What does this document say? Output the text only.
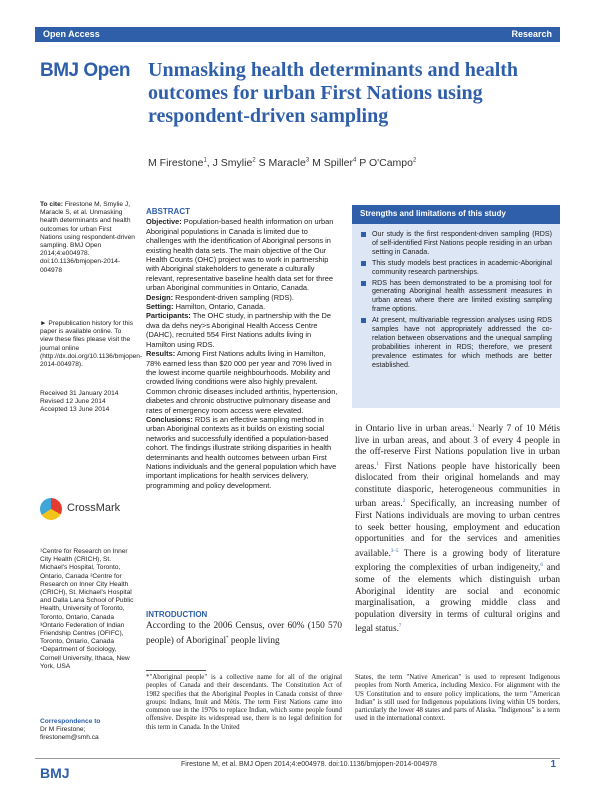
Open Access	Research
BMJ Open Unmasking health determinants and health outcomes for urban First Nations using respondent-driven sampling
M Firestone$^1$, J Smylie$^2$ S Maracle$^3$ M Spiller$^4$ P O'Campo$^2$

To cite: Firestone M, Smylie J, Maracle S, et al. Unmasking health determinants and health outcomes for urban First Nations using respondent-driven sampling. BMJ Open 2014;4:e004978. doi:10.1136/bmjopen-2014-004978

► Prepublication history for this paper is available online. To view these files please visit the journal online (http://dx.doi.org/10.1136/bmjopen-2014-004978).

Received 31 January 2014

Revised 12 June 2014

Accepted 13 June 2014

CrossMark

¹Centre for Research on Inner City Health (CRICH), St. Michael's Hospital, Toronto, Ontario, Canada ²Centre for Research on Inner City Health (CRICH), St. Michael's Hospital and Dalla Lana School of Public Health, University of Toronto, Toronto, Ontario, Canada ³Ontario Federation of Indian Friendship Centres (OFIFC), Toronto, Ontario, Canada ⁴Department of Sociology, Cornell University, Ithaca, New York, USA

Correspondence to

Dr M Firestone; firestonem@smh.ca

ABSTRACT

Objective: Population-based health information on urban Aboriginal populations in Canada is limited due to challenges with the identification of Aboriginal persons in existing health data sets. The main objective of the Our Health Counts (OHC) project was to work in partnership with Aboriginal stakeholders to generate a culturally relevant, representative baseline health data set for three urban Aboriginal communities in Ontario, Canada.

Design: Respondent-driven sampling (RDS).

Setting: Hamilton, Ontario, Canada.

Participants: The OHC study, in partnership with the De dwa da dehs ney>s Aboriginal Health Access Centre (DAHC), recruited 554 First Nations adults living in Hamilton using RDS.

Results: Among First Nations adults living in Hamilton, 78% earned less than $20 000 per year and 70% lived in the lowest income quartile neighbourhoods. Mobility and crowded living conditions were also highly prevalent. Common chronic diseases included arthritis, hypertension, diabetes and chronic obstructive pulmonary disease and rates of emergency room access were elevated.

Conclusions: RDS is an effective sampling method in urban Aboriginal contexts as it builds on existing social networks and successfully identified a population-based cohort. The findings illustrate striking disparities in health determinants and health outcomes between urban First Nations individuals and the general population which have important implications for health services delivery, programming and policy development.

INTRODUCTION

According to the 2006 Census, over 60% (150 570 people) of Aboriginal* people living

Strengths and limitations of this study
Our study is the first respondent-driven sampling (RDS) of self-identified First Nations people residing in an urban setting in Canada.
This study models best practices in academic-Aboriginal community research partnerships.
RDS has been demonstrated to be a promising tool for generating Aboriginal health assessment measures in urban areas where there are limited existing sampling frame options.
At present, multivariable regression analyses using RDS samples have not appropriately addressed the co-relation between observations and the unequal sampling probabilities inherent in RDS; therefore, we present prevalence estimates for which methods are better established.

in Ontario live in urban areas.$^1$ Nearly 7 of 10 Métis live in urban areas, and about 3 of every 4 people in the off-reserve First Nations population live in urban areas.$^1$ First Nations people have historically been dislocated from their original homelands and may constitute diasporic, heterogeneous communities in urban areas.$^2$ Specifically, an increasing number of First Nations individuals are moving to urban centres to seek better housing, employment and education opportunities and for the services and amenities available.$^{3-5}$ There is a growing body of literature exploring the complexities of urban indigeneity,$^6$ and some of the elements which distinguish urban Aboriginal identity are social and economic marginalisation, a growing middle class and population diversity in terms of cultural origins and legal status.$^7$

*"Aboriginal people" is a collective name for all of the original peoples of Canada and their descendants. The Constitution Act of 1982 specifies that the Aboriginal Peoples in Canada consist of three groups: Indians, Inuit and Métis. The term First Nations came into common use in the 1970s to replace Indian, which some people found offensive. Despite its widespread use, there is no legal definition for this term in Canada. In the United

States, the term "Native American" is used to represent Indigenous peoples from North America, including Mexico. For alignment with the US Constitution and to ensure policy implications, the term "American Indian" is still used for Indigenous populations living within US borders, particularly the lower 48 states and parts of Alaska. "Indigenous" is a term used in the international context.

BMJ
Firestone M, et al. BMJ Open 2014;4:e004978. doi:10.1136/bmjopen-2014-004978	1
